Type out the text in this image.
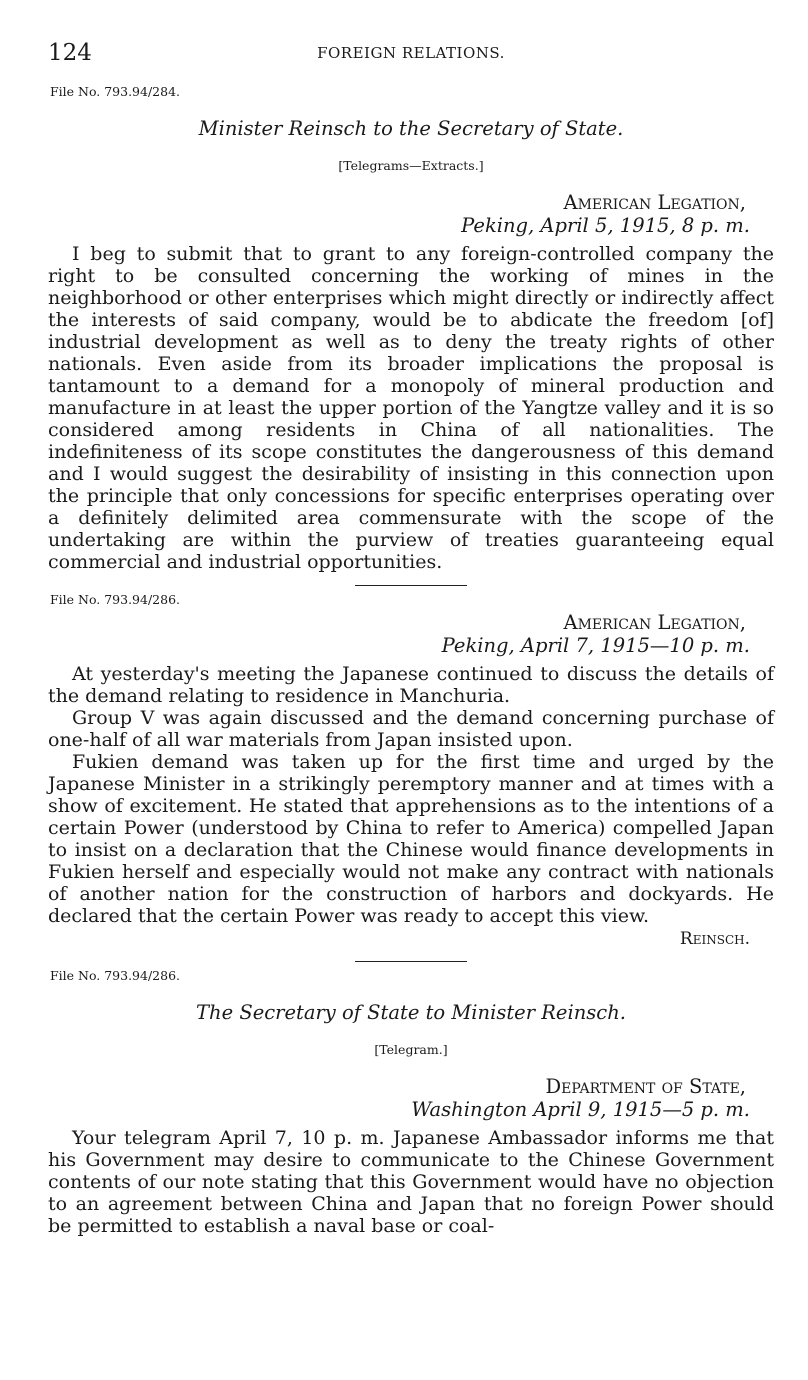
124	FOREIGN RELATIONS.
File No. 793.94/284.
Minister Reinsch to the Secretary of State.
[Telegrams—Extracts.]
American Legation,
Peking, April 5, 1915, 8 p. m.

I beg to submit that to grant to any foreign-controlled company the right to be consulted concerning the working of mines in the neighborhood or other enterprises which might directly or indirectly affect the interests of said company, would be to abdicate the freedom [of] industrial development as well as to deny the treaty rights of other nationals. Even aside from its broader implications the proposal is tantamount to a demand for a monopoly of mineral production and manufacture in at least the upper portion of the Yangtze valley and it is so considered among residents in China of all nationalities. The indefiniteness of its scope constitutes the dangerousness of this demand and I would suggest the desirability of insisting in this connection upon the principle that only concessions for specific enterprises operating over a definitely delimited area commensurate with the scope of the undertaking are within the purview of treaties guaranteeing equal commercial and industrial opportunities.

File No. 793.94/286.
American Legation,
Peking, April 7, 1915—10 p. m.

At yesterday's meeting the Japanese continued to discuss the details of the demand relating to residence in Manchuria.

Group V was again discussed and the demand concerning purchase of one-half of all war materials from Japan insisted upon.

Fukien demand was taken up for the first time and urged by the Japanese Minister in a strikingly peremptory manner and at times with a show of excitement. He stated that apprehensions as to the intentions of a certain Power (understood by China to refer to America) compelled Japan to insist on a declaration that the Chinese would finance developments in Fukien herself and especially would not make any contract with nationals of another nation for the construction of harbors and dockyards. He declared that the certain Power was ready to accept this view.

Reinsch.
File No. 793.94/286.
The Secretary of State to Minister Reinsch.
[Telegram.]
Department of State,
Washington April 9, 1915—5 p. m.

Your telegram April 7, 10 p. m. Japanese Ambassador informs me that his Government may desire to communicate to the Chinese Government contents of our note stating that this Government would have no objection to an agreement between China and Japan that no foreign Power should be permitted to establish a naval base or coal-
